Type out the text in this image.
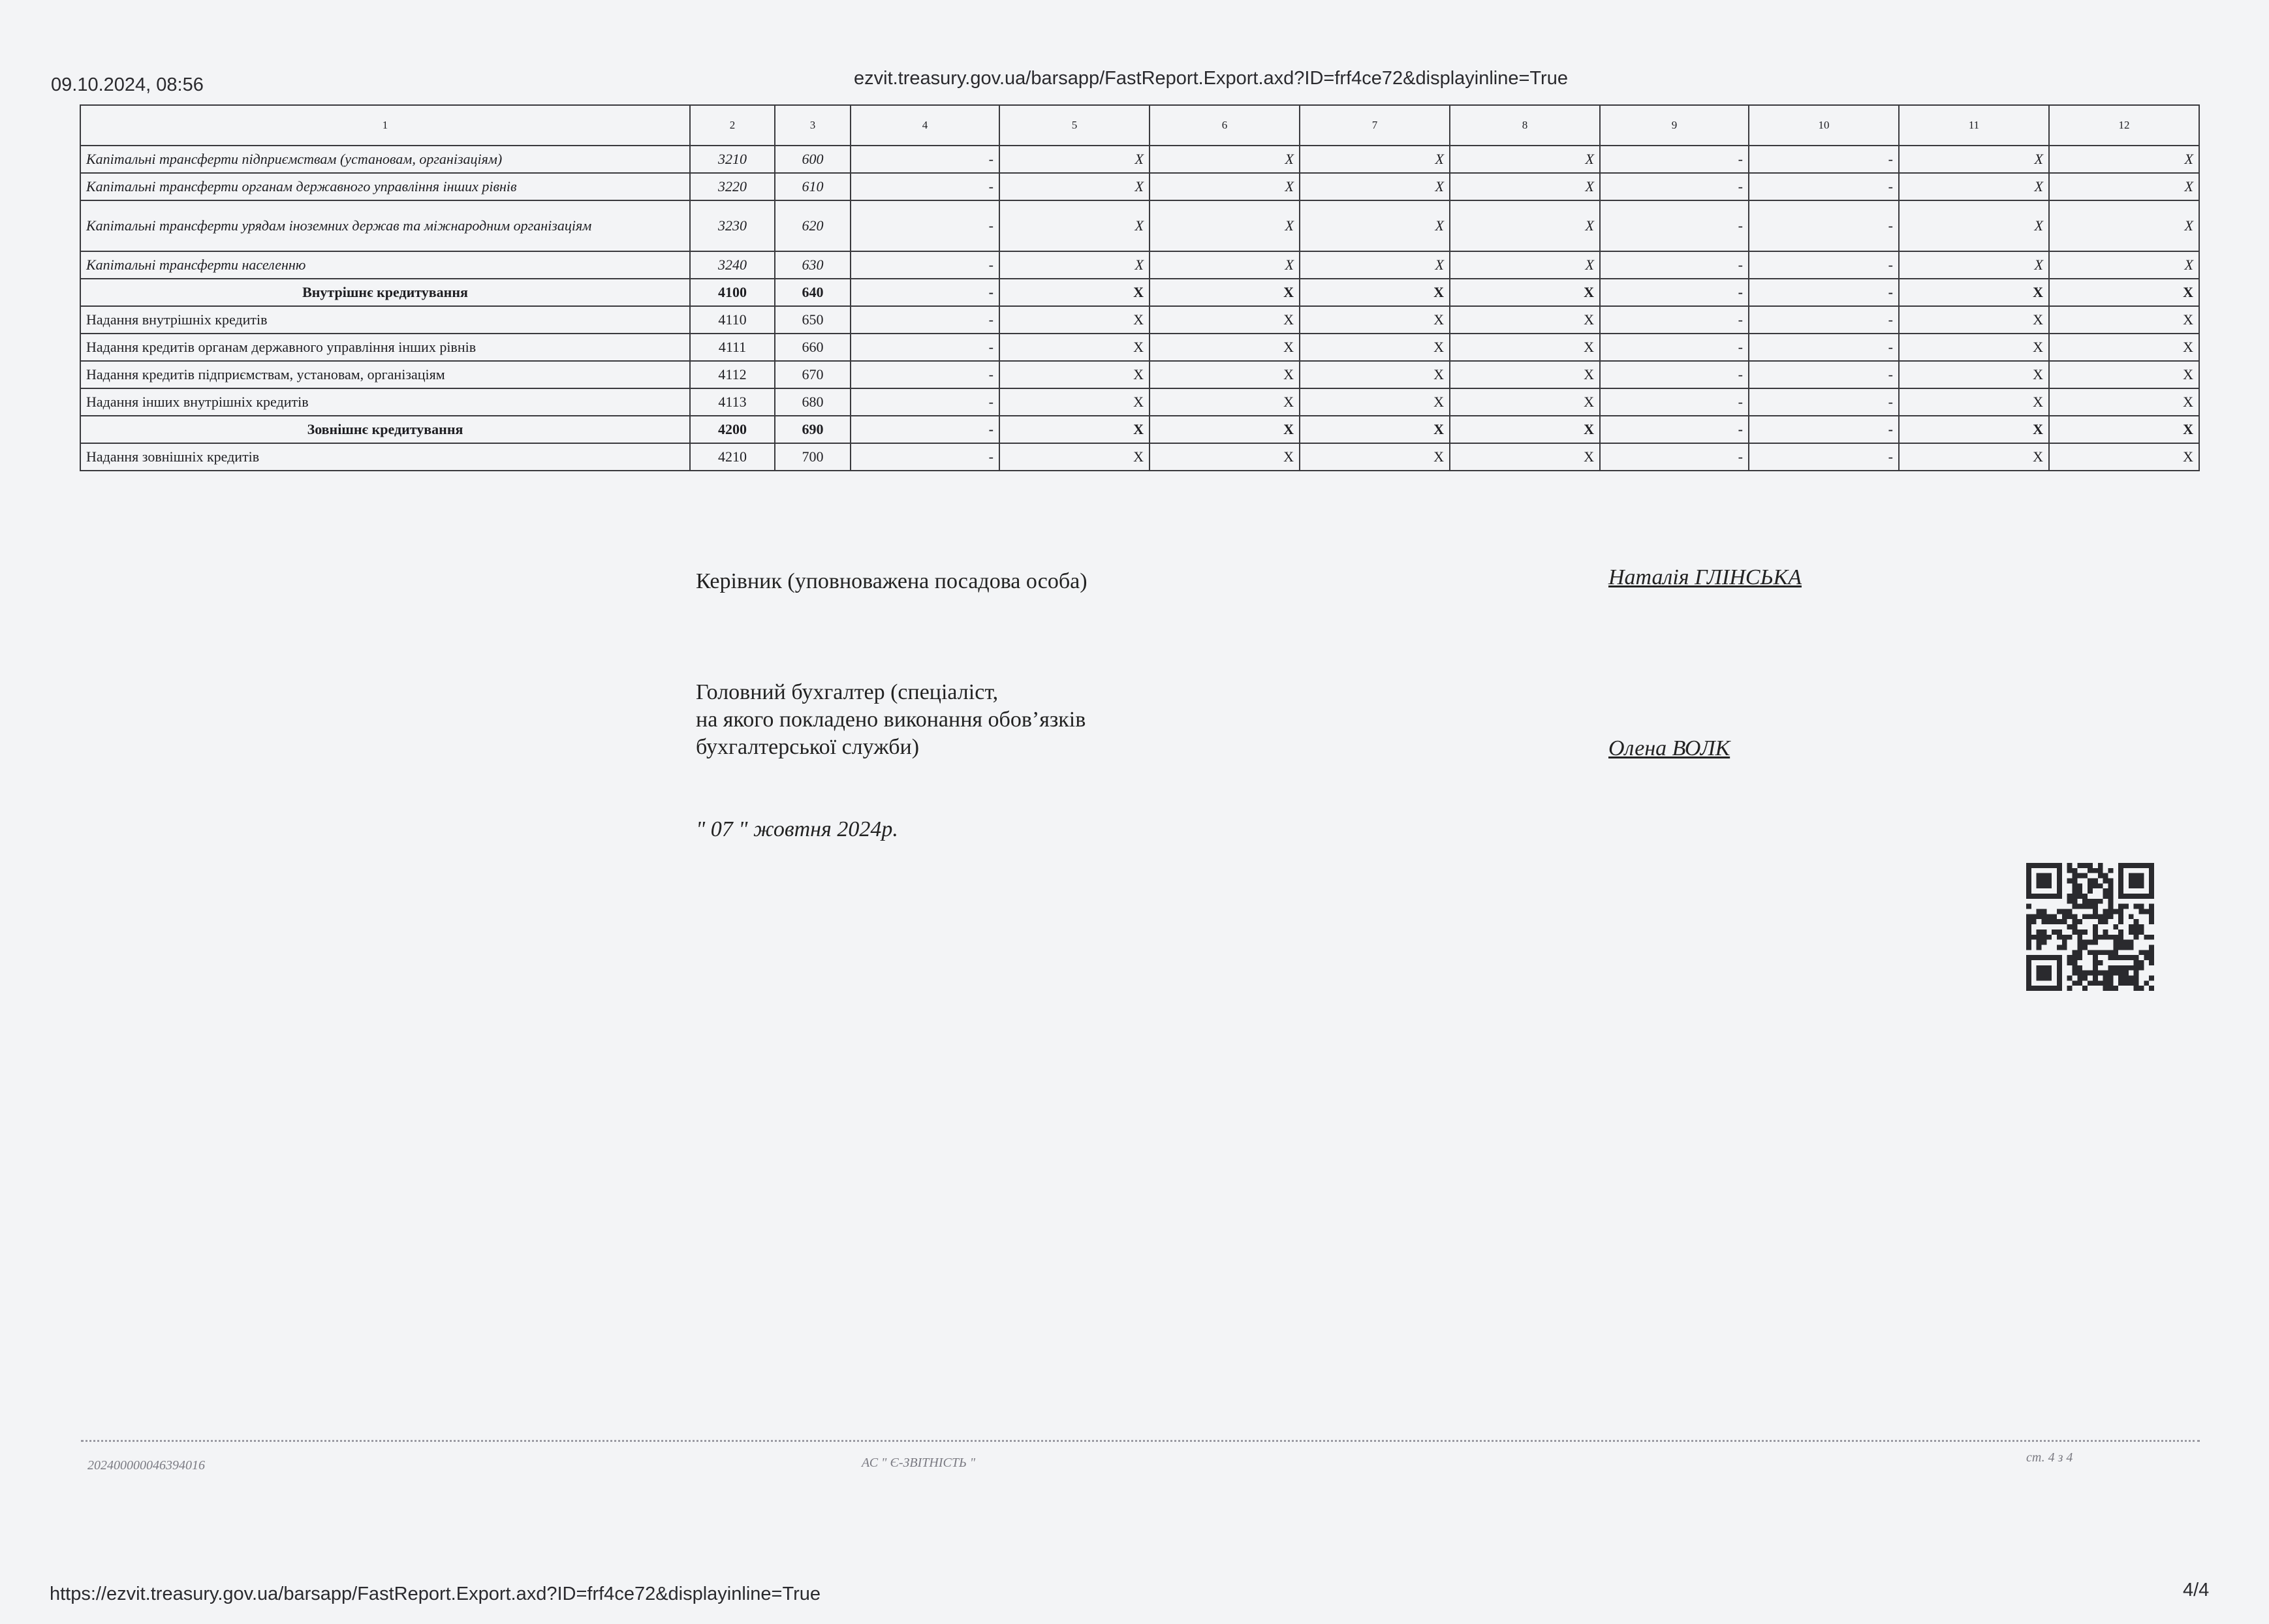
09.10.2024, 08:56	ezvit.treasury.gov.ua/barsapp/FastReport.Export.axd?ID=frf4ce72&displayinline=True
1	2	3	4	5	6	7	8	9	10	11	12
Капітальні трансферти підприємствам (установам, організаціям)	3210	600	-	X	X	X	X	-	-	X	X
Капітальні трансферти органам державного управління інших рівнів	3220	610	-	X	X	X	X	-	-	X	X
Капітальні трансферти урядам іноземних держав та міжнародним організаціям	3230	620	-	X	X	X	X	-	-	X	X
Капітальні трансферти населенню	3240	630	-	X	X	X	X	-	-	X	X
Внутрішнє кредитування	4100	640	-	X	X	X	X	-	-	X	X
Надання внутрішніх кредитів	4110	650	-	X	X	X	X	-	-	X	X
Надання кредитів органам державного управління інших рівнів	4111	660	-	X	X	X	X	-	-	X	X
Надання кредитів підприємствам, установам, організаціям	4112	670	-	X	X	X	X	-	-	X	X
Надання інших внутрішніх кредитів	4113	680	-	X	X	X	X	-	-	X	X
Зовнішнє кредитування	4200	690	-	X	X	X	X	-	-	X	X
Надання зовнішніх кредитів	4210	700	-	X	X	X	X	-	-	X	X
Керівник (уповноважена посадова особа)	Наталія ГЛІНСЬКА
Головний бухгалтер (спеціаліст,
на якого покладено виконання обов’язків
бухгалтерської служби)	Олена ВОЛК
" 07 " жовтня 2024р.
202400000046394016	АС " Є-ЗВІТНІСТЬ "	ст. 4 з 4
https://ezvit.treasury.gov.ua/barsapp/FastReport.Export.axd?ID=frf4ce72&displayinline=True	4/4
